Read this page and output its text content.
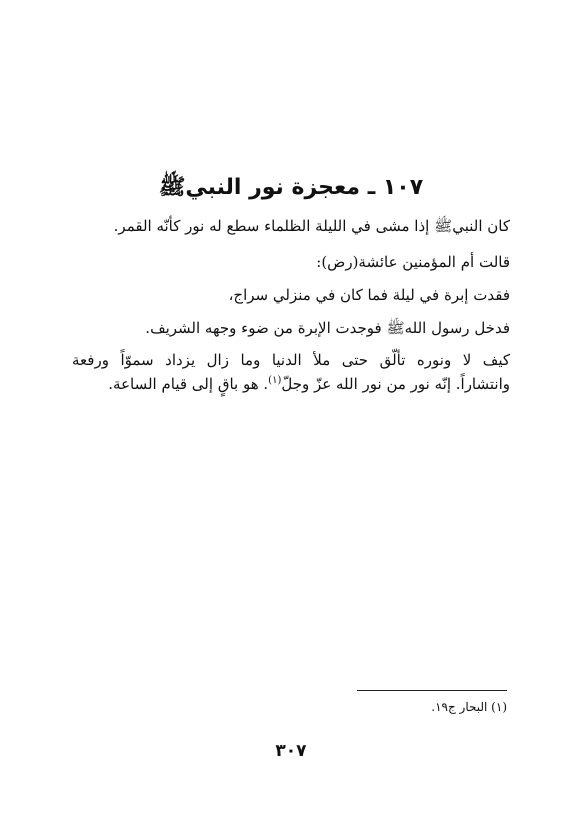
١٠٧ ـ معجزة نور النبيﷺ

كان النبيﷺ إذا مشى في الليلة الظلماء سطع له نور كأنّه القمر.

قالت أم المؤمنين عائشة(رض):

فقدت إبرة في ليلة فما كان في منزلي سراج،

فدخل رسول اللهﷺ فوجدت الإبرة من ضوء وجهه الشريف.

كيف لا ونوره تألّق حتى ملأ الدنيا وما زال يزداد سموّاً ورفعة

وانتشاراً. إنّه نور من نور الله عزّ وجلّ$^{(١)}$. هو باقٍ إلى قيام الساعة.

(١) البحار ج١٩.

٣٠٧
